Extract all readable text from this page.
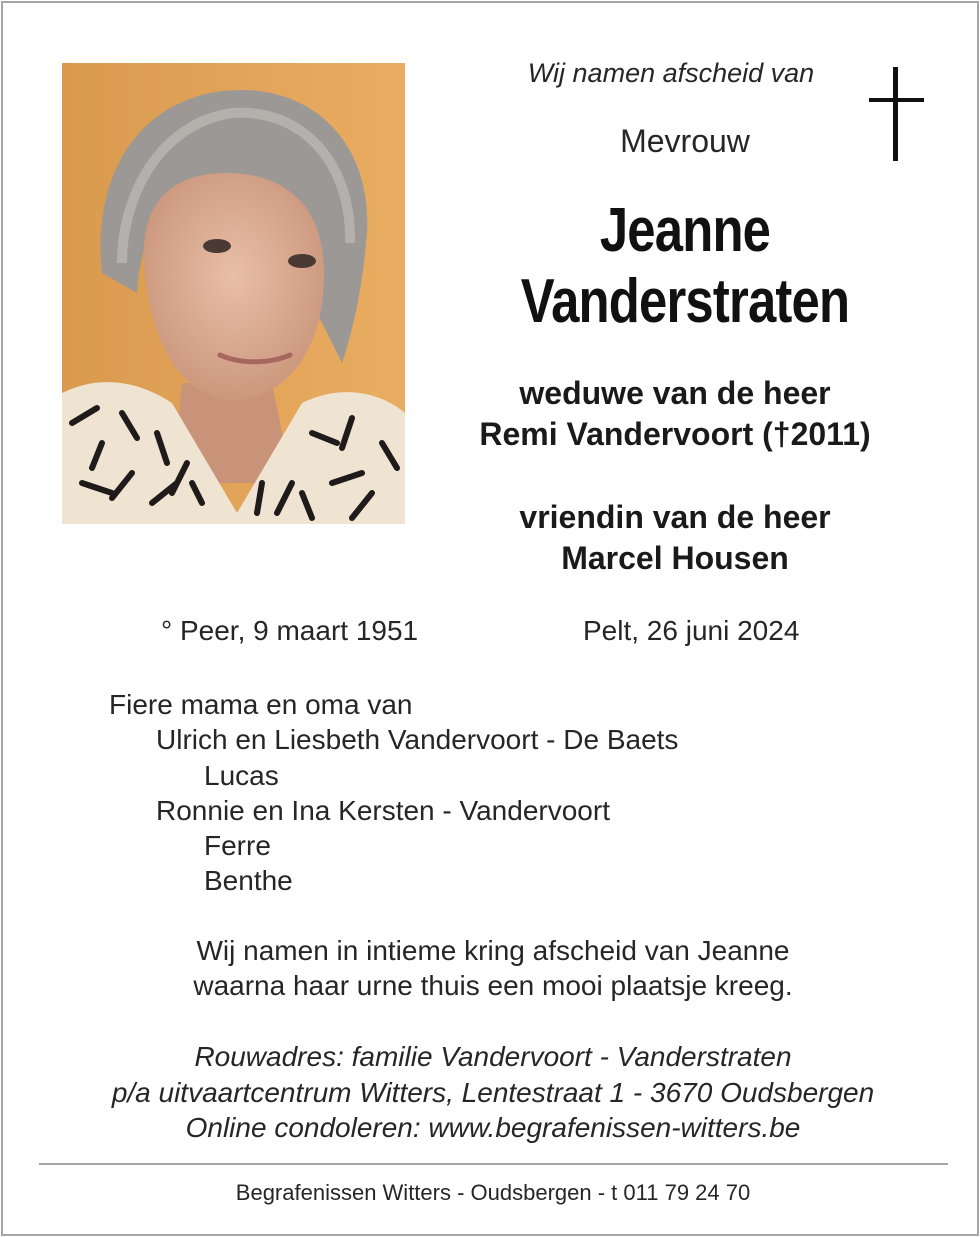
Wij namen afscheid van
Mevrouw
Jeanne
Vanderstraten
weduwe van de heer
Remi Vandervoort (†2011)
vriendin van de heer
Marcel Housen
° Peer, 9 maart 1951	Pelt, 26 juni 2024
Fiere mama en oma van
Ulrich en Liesbeth Vandervoort - De Baets
Lucas
Ronnie en Ina Kersten - Vandervoort
Ferre
Benthe
Wij namen in intieme kring afscheid van Jeanne
waarna haar urne thuis een mooi plaatsje kreeg.
Rouwadres: familie Vandervoort - Vanderstraten
p/a uitvaartcentrum Witters, Lentestraat 1 - 3670 Oudsbergen
Online condoleren: www.begrafenissen-witters.be
Begrafenissen Witters - Oudsbergen - t 011 79 24 70
